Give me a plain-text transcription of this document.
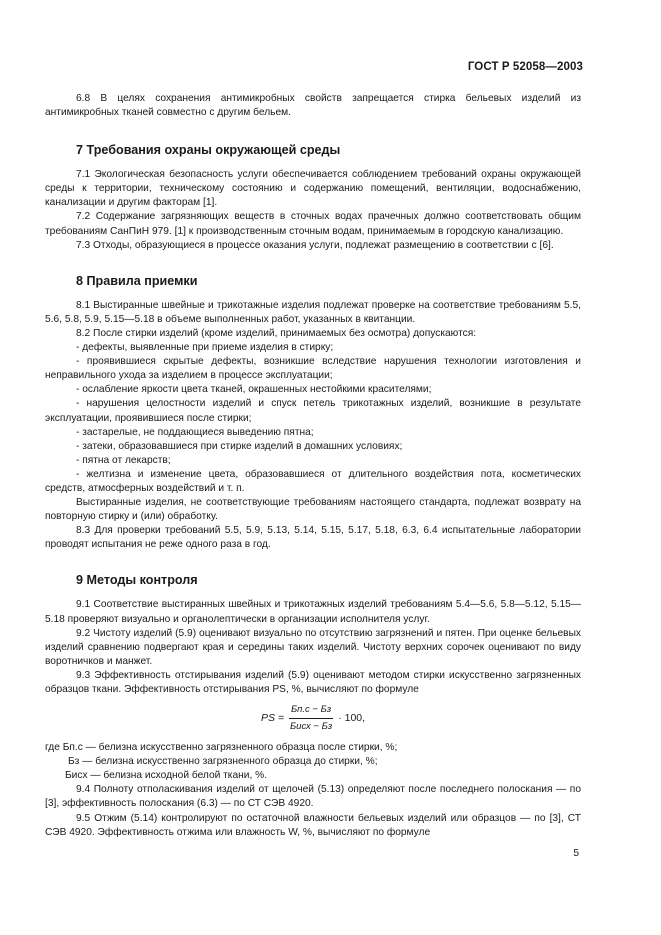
ГОСТ Р 52058—2003

6.8 В целях сохранения антимикробных свойств запрещается стирка бельевых изделий из антимикробных тканей совместно с другим бельем.

7 Требования охраны окружающей среды

7.1 Экологическая безопасность услуги обеспечивается соблюдением требований охраны окружающей среды к территории, техническому состоянию и содержанию помещений, вентиляции, водоснабжению, канализации и другим факторам [1].

7.2 Содержание загрязняющих веществ в сточных водах прачечных должно соответствовать общим требованиям СанПиН 979. [1] к производственным сточным водам, принимаемым в городскую канализацию.

7.3 Отходы, образующиеся в процессе оказания услуги, подлежат размещению в соответствии с [6].

8 Правила приемки

8.1 Выстиранные швейные и трикотажные изделия подлежат проверке на соответствие требованиям 5.5, 5.6, 5.8, 5.9, 5.15—5.18 в объеме выполненных работ, указанных в квитанции.

8.2 После стирки изделий (кроме изделий, принимаемых без осмотра) допускаются:

- дефекты, выявленные при приеме изделия в стирку;

- проявившиеся скрытые дефекты, возникшие вследствие нарушения технологии изготовления и неправильного ухода за изделием в процессе эксплуатации;

- ослабление яркости цвета тканей, окрашенных нестойкими красителями;

- нарушения целостности изделий и спуск петель трикотажных изделий, возникшие в результате эксплуатации, проявившиеся после стирки;

- застарелые, не поддающиеся выведению пятна;

- затеки, образовавшиеся при стирке изделий в домашних условиях;

- пятна от лекарств;

- желтизна и изменение цвета, образовавшиеся от длительного воздействия пота, косметических средств, атмосферных воздействий и т. п.

Выстиранные изделия, не соответствующие требованиям настоящего стандарта, подлежат возврату на повторную стирку и (или) обработку.

8.3 Для проверки требований 5.5, 5.9, 5.13, 5.14, 5.15, 5.17, 5.18, 6.3, 6.4 испытательные лаборатории проводят испытания не реже одного раза в год.

9 Методы контроля

9.1 Соответствие выстиранных швейных и трикотажных изделий требованиям 5.4—5.6, 5.8—5.12, 5.15—5.18 проверяют визуально и органолептически в организации исполнителя услуг.

9.2 Чистоту изделий (5.9) оценивают визуально по отсутствию загрязнений и пятен. При оценке бельевых изделий сравнению подвергают края и середины таких изделий. Чистоту верхних сорочек оценивают по виду воротничков и манжет.

9.3 Эффективность отстирывания изделий (5.9) оценивают методом стирки искусственно загрязненных образцов ткани. Эффективность отстирывания PS, %, вычисляют по формуле

PS = $\frac{Бп.с - Бз}{\text{Бисх − Бз}} \cdot 100$,

где Бп.с — белизна искусственно загрязненного образца после стирки, %;

Бз — белизна искусственно загрязненного образца до стирки, %;

Бисх — белизна исходной белой ткани, %.

9.4 Полноту отполаскивания изделий от щелочей (5.13) определяют после последнего полоскания — по [3], эффективность полоскания (6.3) — по СТ СЭВ 4920.

9.5 Отжим (5.14) контролируют по остаточной влажности бельевых изделий или образцов — по [3], СТ СЭВ 4920. Эффективность отжима или влажность W, %, вычисляют по формуле

5
